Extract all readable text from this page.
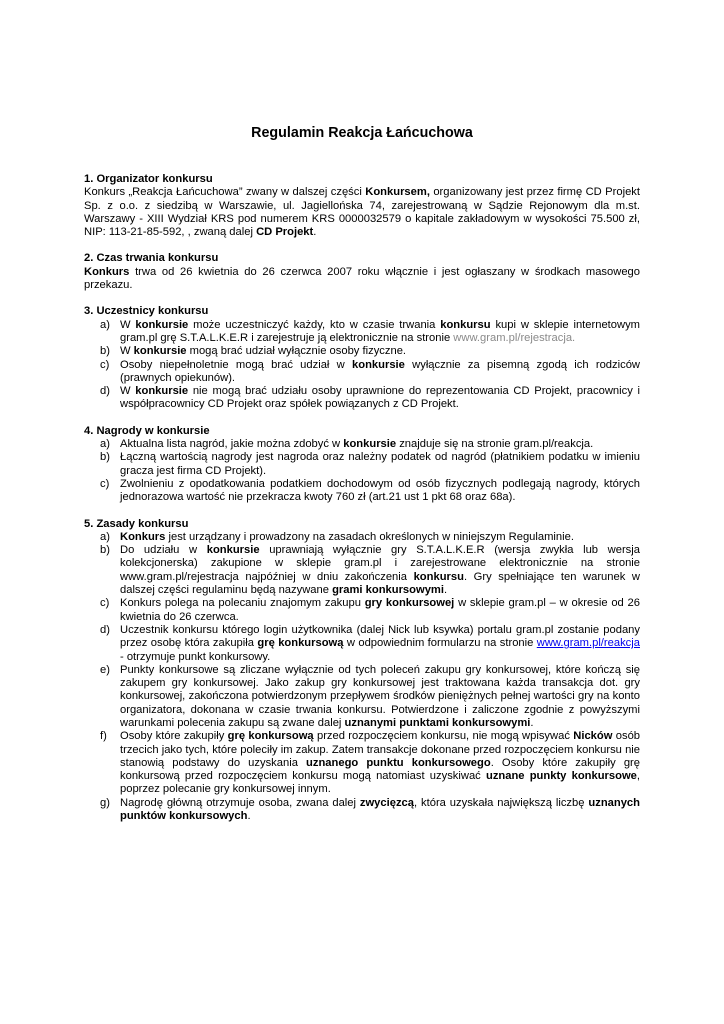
Regulamin Reakcja Łańcuchowa
1. Organizator konkursu

Konkurs „Reakcja Łańcuchowa” zwany w dalszej części Konkursem, organizowany jest przez firmę CD Projekt Sp. z o.o. z siedzibą w Warszawie, ul. Jagiellońska 74, zarejestrowaną w Sądzie Rejonowym dla m.st. Warszawy - XIII Wydział KRS pod numerem KRS 0000032579 o kapitale zakładowym w wysokości 75.500 zł, NIP: 113-21-85-592, , zwaną dalej CD Projekt.

2. Czas trwania konkursu

Konkurs trwa od 26 kwietnia do 26 czerwca 2007 roku włącznie i jest ogłaszany w środkach masowego przekazu.

3. Uczestnicy konkursu
a) W konkursie może uczestniczyć każdy, kto w czasie trwania konkursu kupi w sklepie internetowym gram.pl grę S.T.A.L.K.E.R i zarejestruje ją elektronicznie na stronie www.gram.pl/rejestracja.
b) W konkursie mogą brać udział wyłącznie osoby fizyczne.
c) Osoby niepełnoletnie mogą brać udział w konkursie wyłącznie za pisemną zgodą ich rodziców (prawnych opiekunów).
d) W konkursie nie mogą brać udziału osoby uprawnione do reprezentowania CD Projekt, pracownicy i współpracownicy CD Projekt oraz spółek powiązanych z CD Projekt.
4. Nagrody w konkursie
a) Aktualna lista nagród, jakie można zdobyć w konkursie znajduje się na stronie gram.pl/reakcja.
b) Łączną wartością nagrody jest nagroda oraz należny podatek od nagród (płatnikiem podatku w imieniu gracza jest firma CD Projekt).
c) Zwolnieniu z opodatkowania podatkiem dochodowym od osób fizycznych podlegają nagrody, których jednorazowa wartość nie przekracza kwoty 760 zł (art.21 ust 1 pkt 68 oraz 68a).
5. Zasady konkursu
a) Konkurs jest urządzany i prowadzony na zasadach określonych w niniejszym Regulaminie.
b) Do udziału w konkursie uprawniają wyłącznie gry S.T.A.L.K.E.R (wersja zwykła lub wersja kolekcjonerska) zakupione w sklepie gram.pl i zarejestrowane elektronicznie na stronie www.gram.pl/rejestracja najpóźniej w dniu zakończenia konkursu. Gry spełniające ten warunek w dalszej części regulaminu będą nazywane grami konkursowymi.
c) Konkurs polega na polecaniu znajomym zakupu gry konkursowej w sklepie gram.pl – w okresie od 26 kwietnia do 26 czerwca.
d) Uczestnik konkursu którego login użytkownika (dalej Nick lub ksywka) portalu gram.pl zostanie podany przez osobę która zakupiła grę konkursową w odpowiednim formularzu na stronie www.gram.pl/reakcja - otrzymuje punkt konkursowy.
e) Punkty konkursowe są zliczane wyłącznie od tych poleceń zakupu gry konkursowej, które kończą się zakupem gry konkursowej. Jako zakup gry konkursowej jest traktowana każda transakcja dot. gry konkursowej, zakończona potwierdzonym przepływem środków pieniężnych pełnej wartości gry na konto organizatora, dokonana w czasie trwania konkursu. Potwierdzone i zaliczone zgodnie z powyższymi warunkami polecenia zakupu są zwane dalej uznanymi punktami konkursowymi.
f) Osoby które zakupiły grę konkursową przed rozpoczęciem konkursu, nie mogą wpisywać Nicków osób trzecich jako tych, które poleciły im zakup. Zatem transakcje dokonane przed rozpoczęciem konkursu nie stanowią podstawy do uzyskania uznanego punktu konkursowego. Osoby które zakupiły grę konkursową przed rozpoczęciem konkursu mogą natomiast uzyskiwać uznane punkty konkursowe, poprzez polecanie gry konkursowej innym.
g) Nagrodę główną otrzymuje osoba, zwana dalej zwycięzcą, która uzyskała największą liczbę uznanych punktów konkursowych.
